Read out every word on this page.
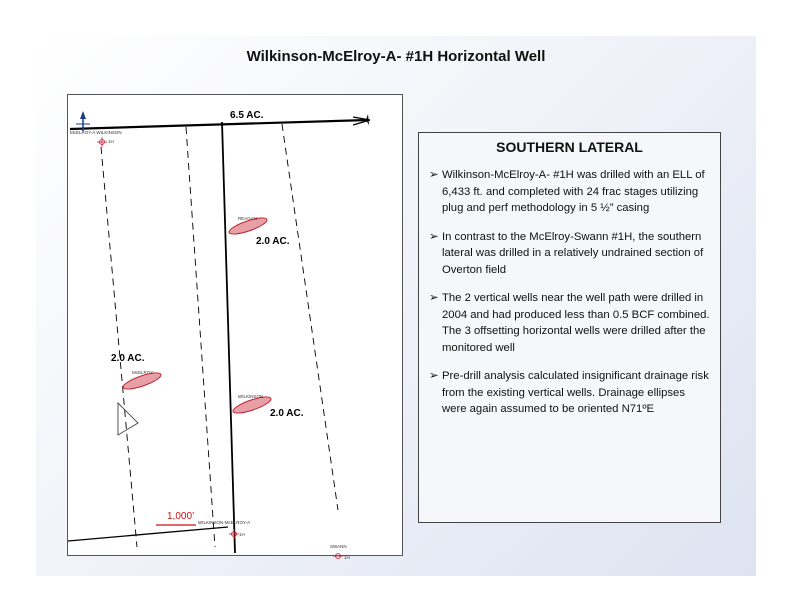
Wilkinson-McElroy-A- #1H Horizontal Well
6.5 AC.
McELROY-A WILKINSON
1H
REAGAN
2.0 AC.
McELROY
2.0 AC.
WILKINSON
2.0 AC.
WILKINSON-McELROY-A
1H
SWANN
1H
1,000’
SOUTHERN LATERAL
➢ Wilkinson-McElroy-A- #1H was drilled with an ELL of 6,433 ft. and completed with 24 frac stages utilizing plug and perf methodology in 5 ½” casing
➢ In contrast to the McElroy-Swann #1H, the southern lateral was drilled in a relatively undrained section of Overton field
➢ The 2 vertical wells near the well path were drilled in 2004 and had produced less than 0.5 BCF combined. The 3 offsetting horizontal wells were drilled after the monitored well
➢ Pre-drill analysis calculated insignificant drainage risk from the existing vertical wells. Drainage ellipses were again assumed to be oriented N71ºE
